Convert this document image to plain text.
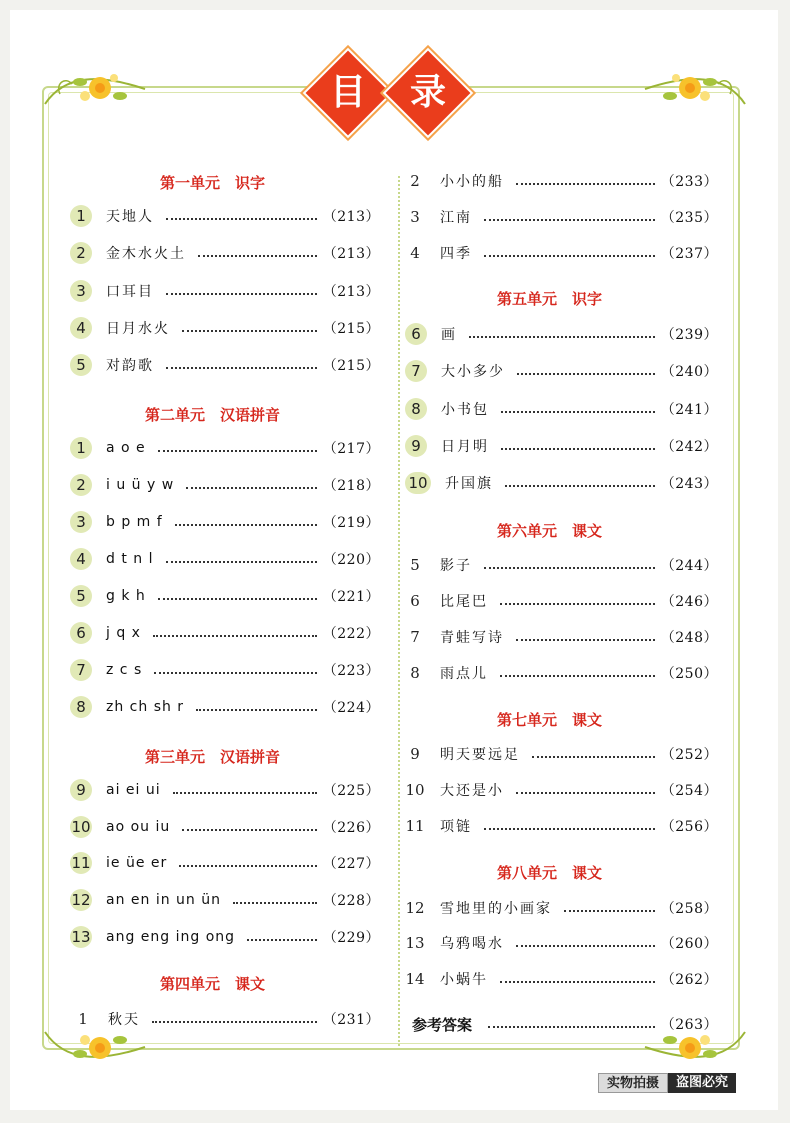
目	录
第一单元　识字
1	天地人	（213）
2	金木水火土	（213）
3	口耳目	（213）
4	日月水火	（215）
5	对韵歌	（215）
第二单元　汉语拼音
1	a o e	（217）
2	i u ü y w	（218）
3	b p m f	（219）
4	d t n l	（220）
5	g k h	（221）
6	j q x	（222）
7	z c s	（223）
8	zh ch sh r	（224）
第三单元　汉语拼音
9	ai ei ui	（225）
10	ao ou iu	（226）
11	ie üe er	（227）
12	an en in un ün	（228）
13	ang eng ing ong	（229）
第四单元　课文
1	秋天	（231）
2	小小的船	（233）
3	江南	（235）
4	四季	（237）
第五单元　识字
6	画	（239）
7	大小多少	（240）
8	小书包	（241）
9	日月明	（242）
10	升国旗	（243）
第六单元　课文
5	影子	（244）
6	比尾巴	（246）
7	青蛙写诗	（248）
8	雨点儿	（250）
第七单元　课文
9	明天要远足	（252）
10	大还是小	（254）
11	项链	（256）
第八单元　课文
12	雪地里的小画家	（258）
13	乌鸦喝水	（260）
14	小蜗牛	（262）
参考答案	（263）
实物拍摄	盗图必究
